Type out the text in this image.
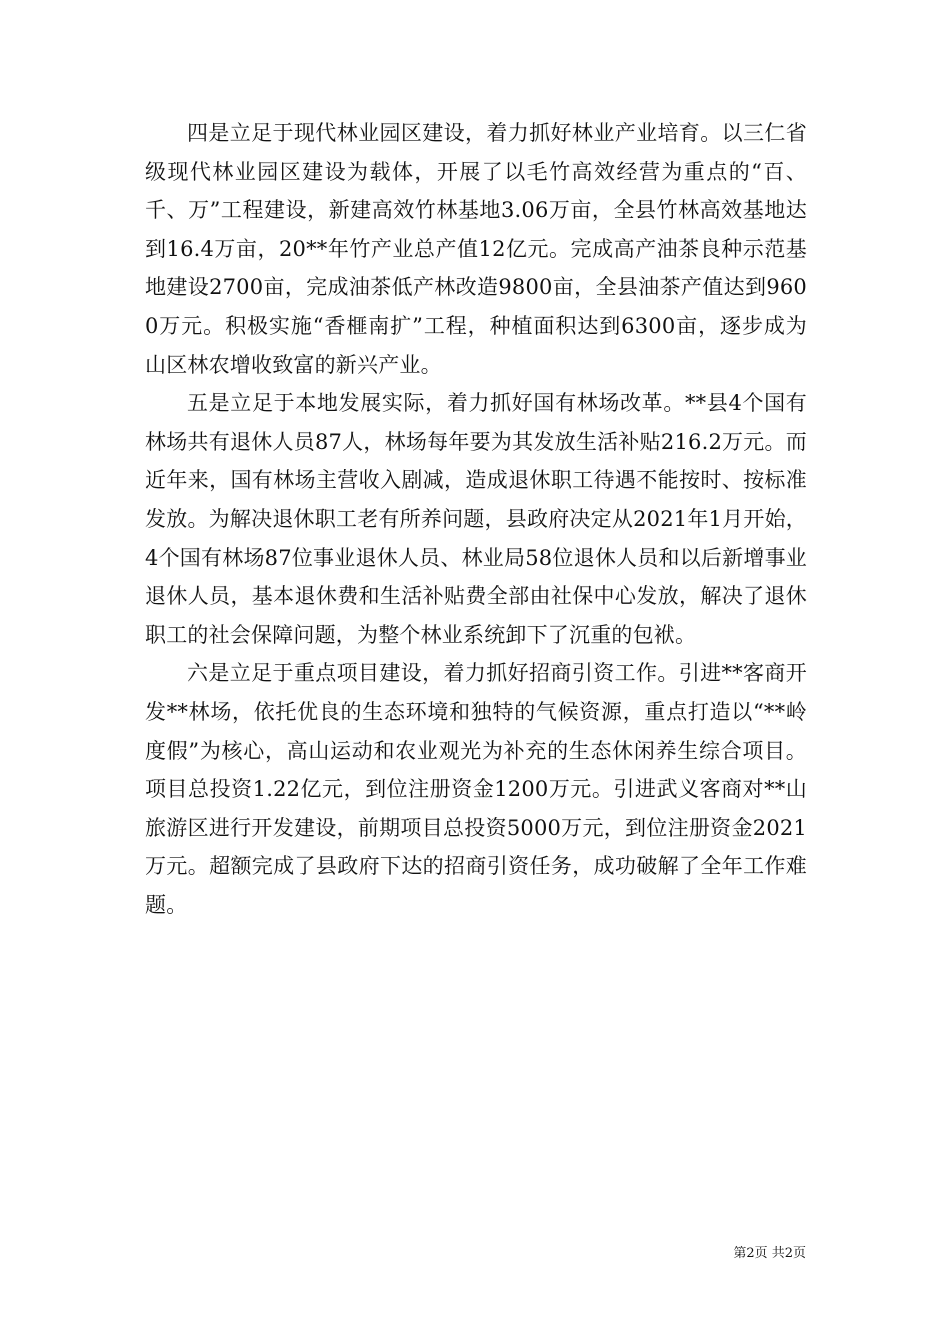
四是立足于现代林业园区建设，着力抓好林业产业培育。以三仁省级现代林业园区建设为载体，开展了以毛竹高效经营为重点的“百、千、万”工程建设，新建高效竹林基地3.06万亩，全县竹林高效基地达到16.4万亩，20**年竹产业总产值12亿元。完成高产油茶良种示范基地建设2700亩，完成油茶低产林改造9800亩，全县油茶产值达到9600万元。积极实施“香榧南扩”工程，种植面积达到6300亩，逐步成为山区林农增收致富的新兴产业。

五是立足于本地发展实际，着力抓好国有林场改革。**县4个国有林场共有退休人员87人，林场每年要为其发放生活补贴216.2万元。而近年来，国有林场主营收入剧减，造成退休职工待遇不能按时、按标准发放。为解决退休职工老有所养问题，县政府决定从2021年1月开始，4个国有林场87位事业退休人员、林业局58位退休人员和以后新增事业退休人员，基本退休费和生活补贴费全部由社保中心发放，解决了退休职工的社会保障问题，为整个林业系统卸下了沉重的包袱。

六是立足于重点项目建设，着力抓好招商引资工作。引进**客商开发**林场，依托优良的生态环境和独特的气候资源，重点打造以“**岭度假”为核心，高山运动和农业观光为补充的生态休闲养生综合项目。项目总投资1.22亿元，到位注册资金1200万元。引进武义客商对**山旅游区进行开发建设，前期项目总投资5000万元，到位注册资金2021万元。超额完成了县政府下达的招商引资任务，成功破解了全年工作难题。

第2页 共2页
